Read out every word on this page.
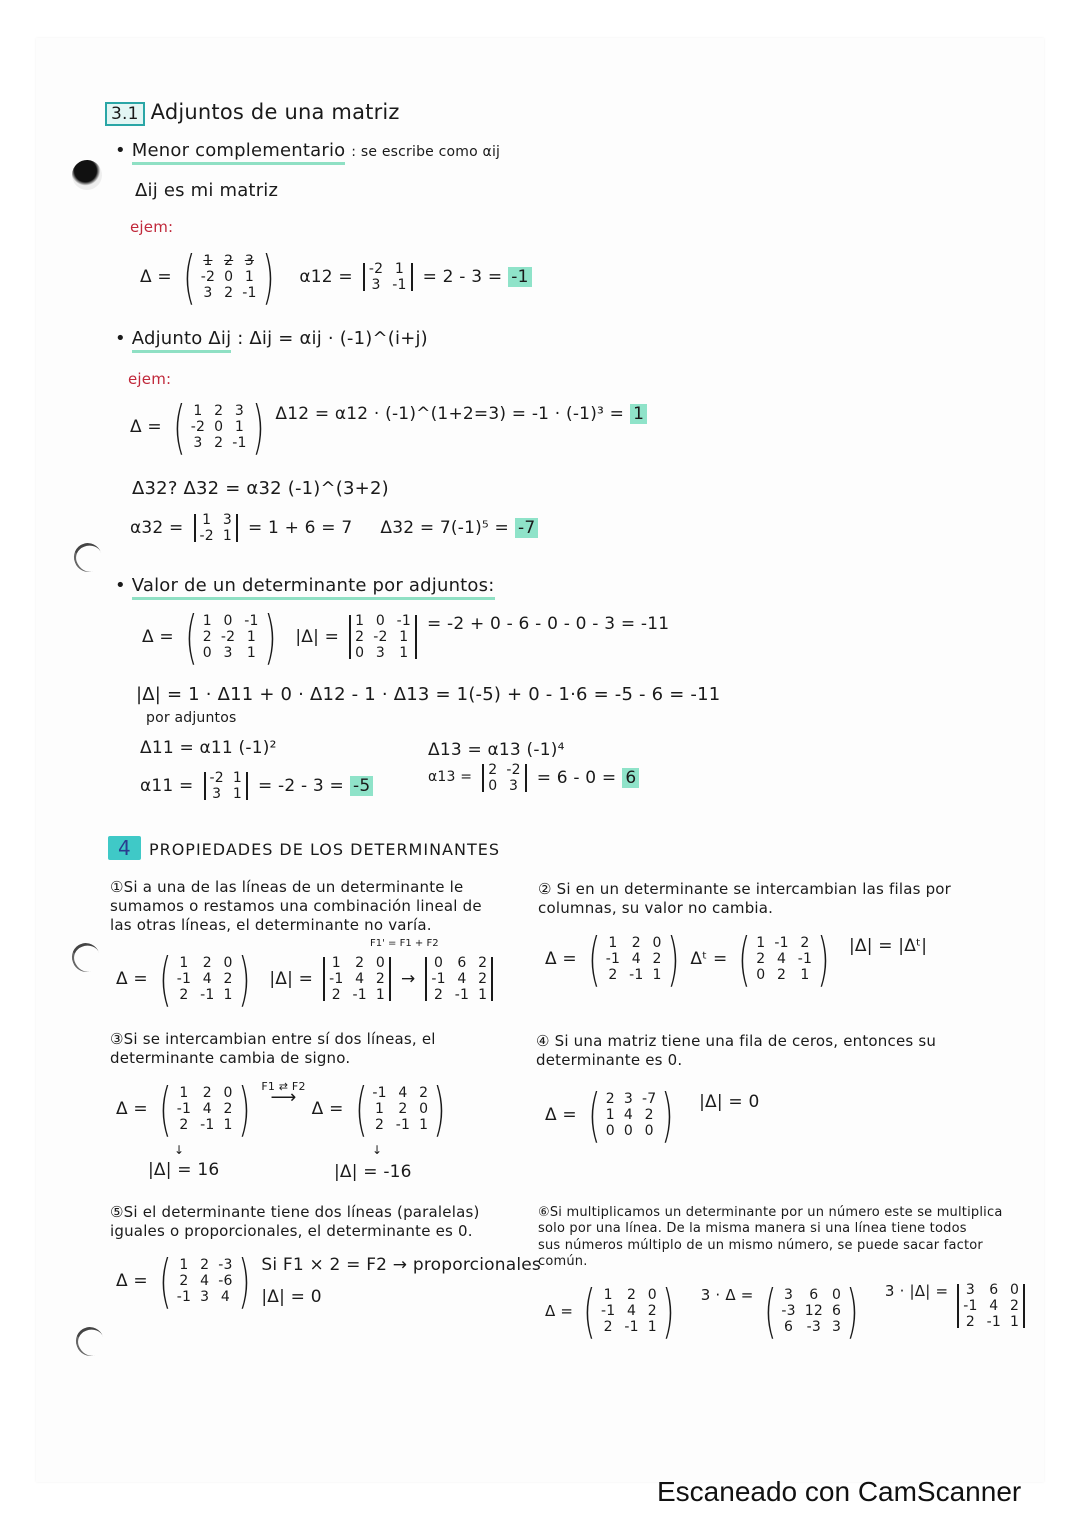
3.1 Adjuntos de una matriz
• Menor complementario : se escribe como αij
Δij es mi matriz
ejem:
Δ = ( 1 2 3
-2 0 1
3 2 -1 ) α12 = -2 1
3 -1 = 2 - 3 = -1
• Adjunto Δij : Δij = αij · (-1)^(i+j)
ejem:
Δ = ( 1 2 3
-2 0 1
3 2 -1 ) Δ12 = α12 · (-1)^(1+2=3) = -1 · (-1)³ = 1
Δ32? Δ32 = α32 (-1)^(3+2)
α32 = 1 3
-2 1 = 1 + 6 = 7 Δ32 = 7(-1)⁵ = -7
• Valor de un determinante por adjuntos:
Δ = ( 1 0 -1
2 -2 1
0 3 1 ) |Δ| =
1 0 -1
2 -2 1
0 3 1
= -2 + 0 - 6 - 0 - 0 - 3 = -11
|Δ| = 1 · Δ11 + 0 · Δ12 - 1 · Δ13 = 1(-5) + 0 - 1·6 = -5 - 6 = -11
por adjuntos
Δ11 = α11 (-1)²
α11 = -2 1
3 1 = -2 - 3 = -5
Δ13 = α13 (-1)⁴
α13 = 2 -2
0 3 = 6 - 0 = 6
4 PROPIEDADES DE LOS DETERMINANTES
①Si a una de las líneas de un determinante le
sumamos o restamos una combinación lineal de
las otras líneas, el determinante no varía.
F1' = F1 + F2
Δ = ( 1 2 0
-1 4 2
2 -1 1 ) |Δ| =
1 2 0
-1 4 2
2 -1 1
→
0 6 2
-1 4 2
2 -1 1
② Si en un determinante se intercambian las filas por
columnas, su valor no cambia.
Δ = ( 1 2 0
-1 4 2
2 -1 1 ) Δᵗ = ( 1 -1 2
2 4 -1
0 2 1 ) |Δ| = |Δᵗ|
③Si se intercambian entre sí dos líneas, el
determinante cambia de signo.
Δ = ( 1 2 0
-1 4 2
2 -1 1 ) F1 ⇄ F2
⟶
Δ = ( -1 4 2
1 2 0
2 -1 1 )
↓	↓
|Δ| = 16	|Δ| = -16
④ Si una matriz tiene una fila de ceros, entonces su
determinante es 0.
Δ = ( 2 3 -7
1 4 2
0 0 0 ) |Δ| = 0
⑤Si el determinante tiene dos líneas (paralelas)
iguales o proporcionales, el determinante es 0.
Δ = ( 1 2 -3
2 4 -6
-1 3 4 ) Si F1 × 2 = F2 → proporcionales
|Δ| = 0
⑥Si multiplicamos un determinante por un número este se multiplica
solo por una línea. De la misma manera si una línea tiene todos
sus números múltiplo de un mismo número, se puede sacar factor
común.
Δ = ( 1 2 0
-1 4 2
2 -1 1 ) 3 · Δ = ( 3	6 0
-3 12 6
6 -3 3 ) 3 · |Δ| = 3 6 0
-1 4 2
2 -1 1
Escaneado con CamScanner
